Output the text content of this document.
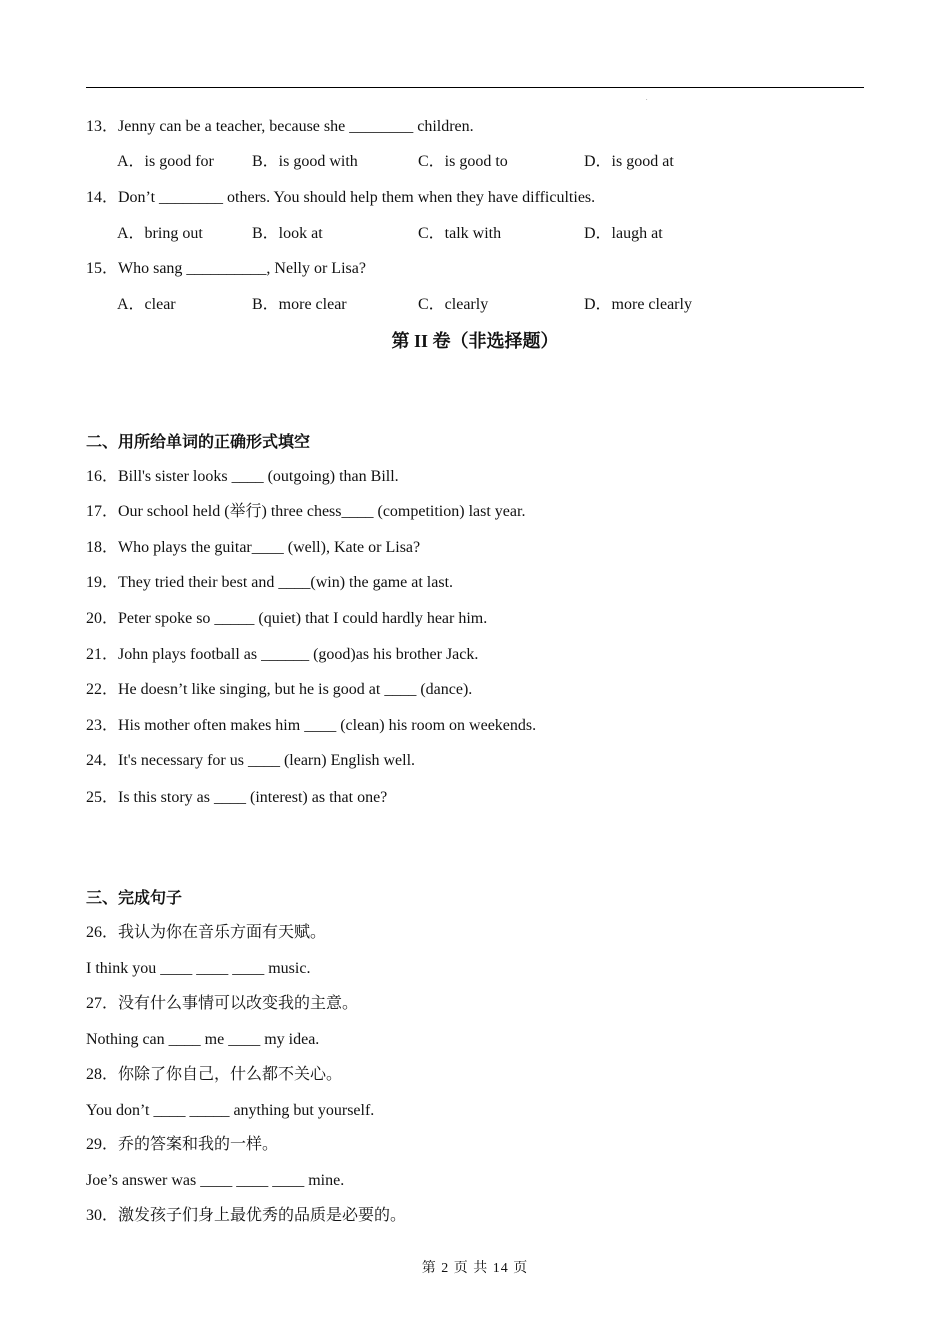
.
13．Jenny can be a teacher, because she ________ children.
A．is good for B．is good with	C．is good to	D．is good at
14．Don’t ________ others. You should help them when they have difficulties.
A．bring out	B．look at	C．talk with	D．laugh at
15．Who sang __________, Nelly or Lisa?
A．clear	B．more clear	C．clearly	D．more clearly
第 II 卷（非选择题）
二、用所给单词的正确形式填空
16．Bill's sister looks ____ (outgoing) than Bill.
17．Our school held (举行) three chess____ (competition) last year.
18．Who plays the guitar____ (well), Kate or Lisa?
19．They tried their best and ____(win) the game at last.
20．Peter spoke so _____ (quiet) that I could hardly hear him.
21．John plays football as ______ (good)as his brother Jack.
22．He doesn’t like singing, but he is good at ____ (dance).
23．His mother often makes him ____ (clean) his room on weekends.
24．It's necessary for us ____ (learn) English well.
25．Is this story as ____ (interest) as that one?
三、完成句子
26．我认为你在音乐方面有天赋。
I think you ____ ____ ____ music.
27．没有什么事情可以改变我的主意。
Nothing can ____ me ____ my idea.
28．你除了你自己，什么都不关心。
You don’t ____ _____ anything but yourself.
29．乔的答案和我的一样。
Joe’s answer was ____ ____ ____ mine.
30．激发孩子们身上最优秀的品质是必要的。
第 2 页 共 14 页
